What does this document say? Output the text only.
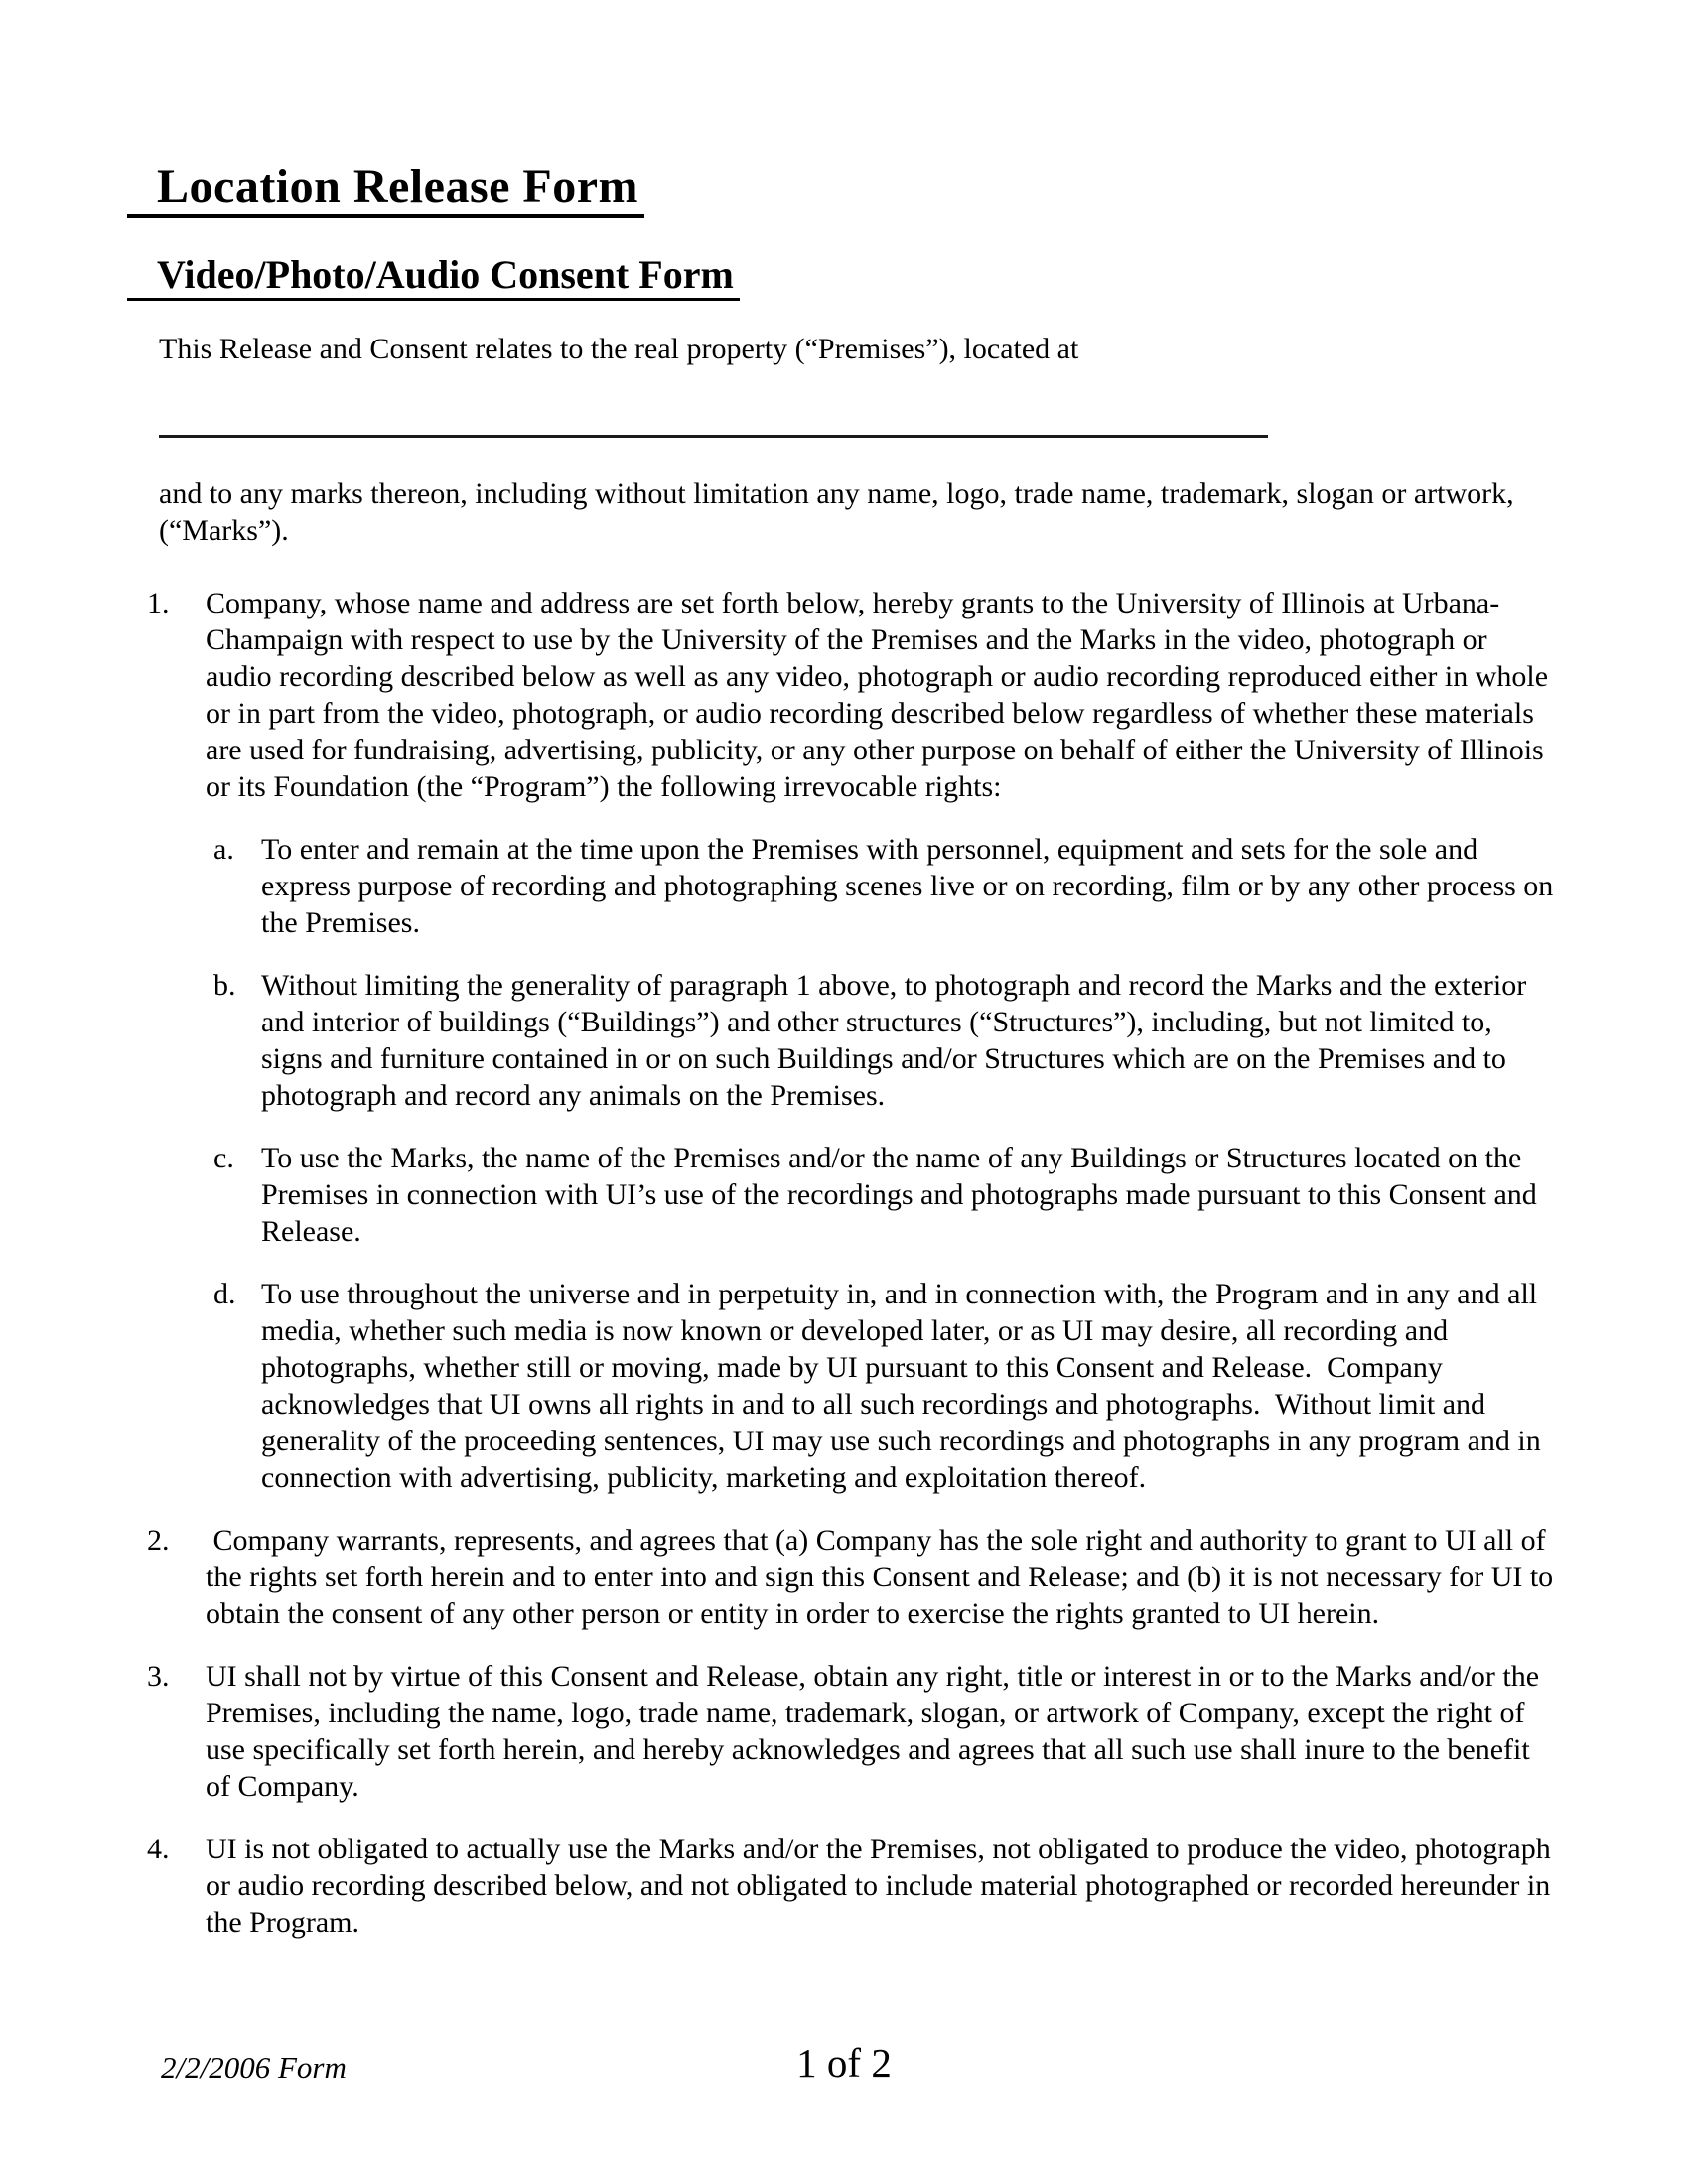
Location Release Form
Video/Photo/Audio Consent Form

This Release and Consent relates to the real property (“Premises”), located at

and to any marks thereon, including without limitation any name, logo, trade name, trademark, slogan or artwork, (“Marks”).

1.	Company, whose name and address are set forth below, hereby grants to the University of Illinois at Urbana-Champaign with respect to use by the University of the Premises and the Marks in the video, photograph or audio recording described below as well as any video, photograph or audio recording reproduced either in whole or in part from the video, photograph, or audio recording described below regardless of whether these materials are used for fundraising, advertising, publicity, or any other purpose on behalf of either the University of Illinois or its Foundation (the “Program”) the following irrevocable rights:
a. To enter and remain at the time upon the Premises with personnel, equipment and sets for the sole and express purpose of recording and photographing scenes live or on recording, film or by any other process on the Premises.
b. Without limiting the generality of paragraph 1 above, to photograph and record the Marks and the exterior and interior of buildings (“Buildings”) and other structures (“Structures”), including, but not limited to, signs and furniture contained in or on such Buildings and/or Structures which are on the Premises and to photograph and record any animals on the Premises.
c. To use the Marks, the name of the Premises and/or the name of any Buildings or Structures located on the Premises in connection with UI’s use of the recordings and photographs made pursuant to this Consent and Release.
d. To use throughout the universe and in perpetuity in, and in connection with, the Program and in any and all media, whether such media is now known or developed later, or as UI may desire, all recording and photographs, whether still or moving, made by UI pursuant to this Consent and Release.  Company acknowledges that UI owns all rights in and to all such recordings and photographs.  Without limit and generality of the proceeding sentences, UI may use such recordings and photographs in any program and in connection with advertising, publicity, marketing and exploitation thereof.
2.	Company warrants, represents, and agrees that (a) Company has the sole right and authority to grant to UI all of the rights set forth herein and to enter into and sign this Consent and Release; and (b) it is not necessary for UI to obtain the consent of any other person or entity in order to exercise the rights granted to UI herein.
3.	UI shall not by virtue of this Consent and Release, obtain any right, title or interest in or to the Marks and/or the Premises, including the name, logo, trade name, trademark, slogan, or artwork of Company, except the right of use specifically set forth herein, and hereby acknowledges and agrees that all such use shall inure to the benefit of Company.
4.	UI is not obligated to actually use the Marks and/or the Premises, not obligated to produce the video, photograph or audio recording described below, and not obligated to include material photographed or recorded hereunder in the Program.
2/2/2006 Form	1 of 2
